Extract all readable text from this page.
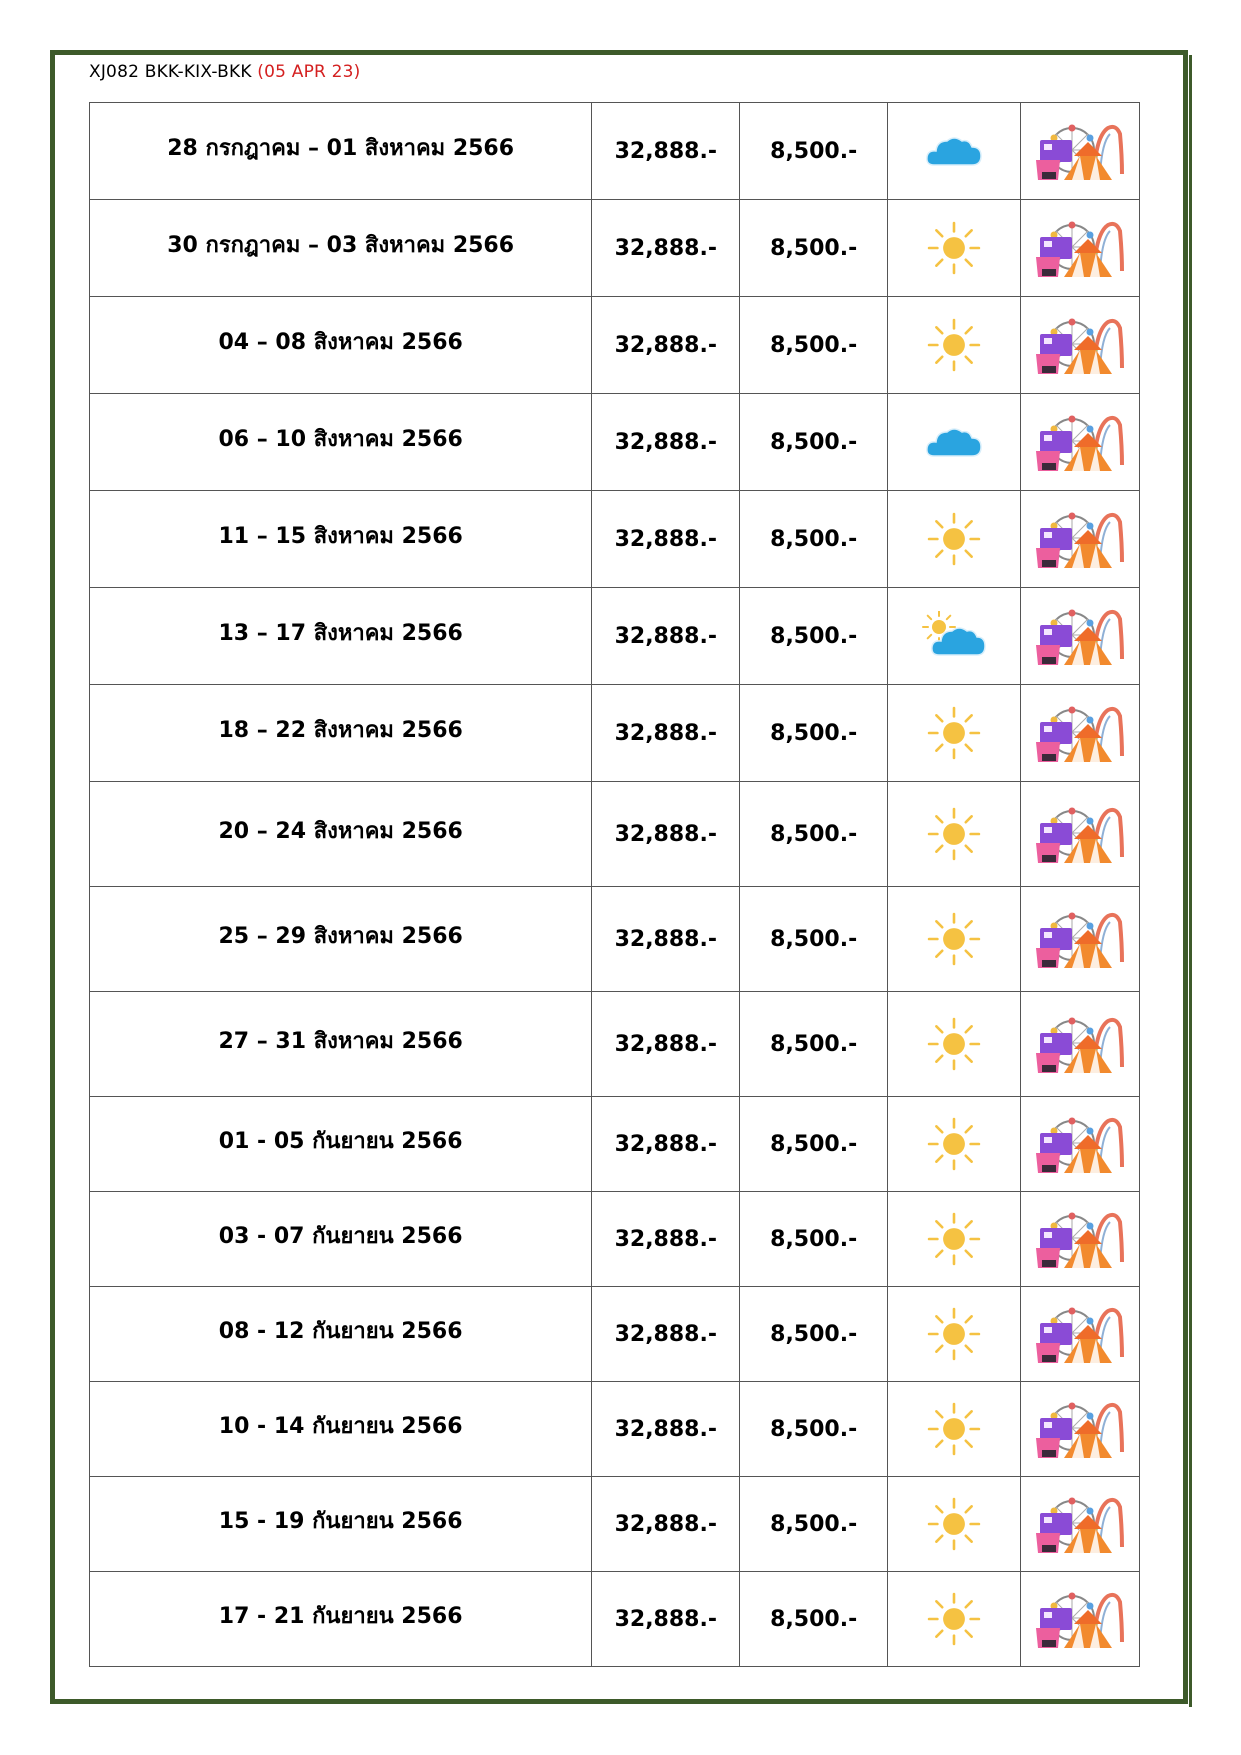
XJ082 BKK-KIX-BKK (05 APR 23)
28 กรกฎาคม – 01 สิงหาคม 2566	32,888.-	8,500.-	

30 กรกฎาคม – 03 สิงหาคม 2566	32,888.-	8,500.-	

04 – 08 สิงหาคม 2566	32,888.-	8,500.-	

06 – 10 สิงหาคม 2566	32,888.-	8,500.-	

11 – 15 สิงหาคม 2566	32,888.-	8,500.-	

13 – 17 สิงหาคม 2566	32,888.-	8,500.-	

18 – 22 สิงหาคม 2566	32,888.-	8,500.-	

20 – 24 สิงหาคม 2566	32,888.-	8,500.-	

25 – 29 สิงหาคม 2566	32,888.-	8,500.-	

27 – 31 สิงหาคม 2566	32,888.-	8,500.-	

01 - 05 กันยายน 2566	32,888.-	8,500.-	

03 - 07 กันยายน 2566	32,888.-	8,500.-	

08 - 12 กันยายน 2566	32,888.-	8,500.-	

10 - 14 กันยายน 2566	32,888.-	8,500.-	

15 - 19 กันยายน 2566	32,888.-	8,500.-	

17 - 21 กันยายน 2566	32,888.-	8,500.-	
